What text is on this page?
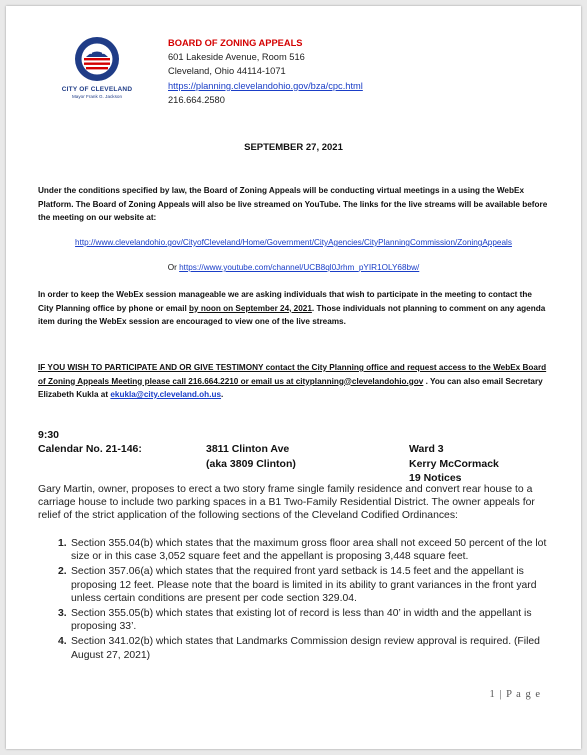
CITY OF CLEVELAND
Mayor Frank G. Jackson
BOARD OF ZONING APPEALS
601 Lakeside Avenue, Room 516
Cleveland, Ohio 44114-1071
https://planning.clevelandohio.gov/bza/cpc.html
216.664.2580
SEPTEMBER 27, 2021
Under the conditions specified by law, the Board of Zoning Appeals will be conducting virtual meetings in a using the WebEx Platform. The Board of Zoning Appeals will also be live streamed on YouTube. The links for the live streams will be available before the meeting on our website at:
http://www.clevelandohio.gov/CityofCleveland/Home/Government/CityAgencies/CityPlanningCommission/ZoningAppeals
Or https://www.youtube.com/channel/UCB8ql0Jrhm_pYIR1OLY68bw/
In order to keep the WebEx session manageable we are asking individuals that wish to participate in the meeting to contact the City Planning office by phone or email by noon on September 24, 2021. Those individuals not planning to comment on any agenda item during the WebEx session are encouraged to view one of the live streams.
IF YOU WISH TO PARTICIPATE AND OR GIVE TESTIMONY contact the City Planning office and request access to the WebEx Board of Zoning Appeals Meeting please call 216.664.2210 or email us at cityplanning@clevelandohio.gov . You can also email Secretary Elizabeth Kukla at ekukla@city.cleveland.oh.us.
9:30
Calendar No. 21-146:	3811 Clinton Ave
(aka 3809 Clinton)
Ward 3
Kerry McCormack
19 Notices
Gary Martin, owner, proposes to erect a two story frame single family residence and convert rear house to a carriage house to include two parking spaces in a B1 Two-Family Residential District. The owner appeals for relief of the strict application of the following sections of the Cleveland Codified Ordinances:
1. Section 355.04(b) which states that the maximum gross floor area shall not exceed 50 percent of the lot size or in this case 3,052 square feet and the appellant is proposing 3,448 square feet.
2. Section 357.06(a) which states that the required front yard setback is 14.5 feet and the appellant is proposing 12 feet. Please note that the board is limited in its ability to grant variances in the front yard unless certain conditions are present per code section 329.04.
3. Section 355.05(b) which states that existing lot of record is less than 40’ in width and the appellant is proposing 33’.
4. Section 341.02(b) which states that Landmarks Commission design review approval is required. (Filed August 27, 2021)
1 | P a g e
